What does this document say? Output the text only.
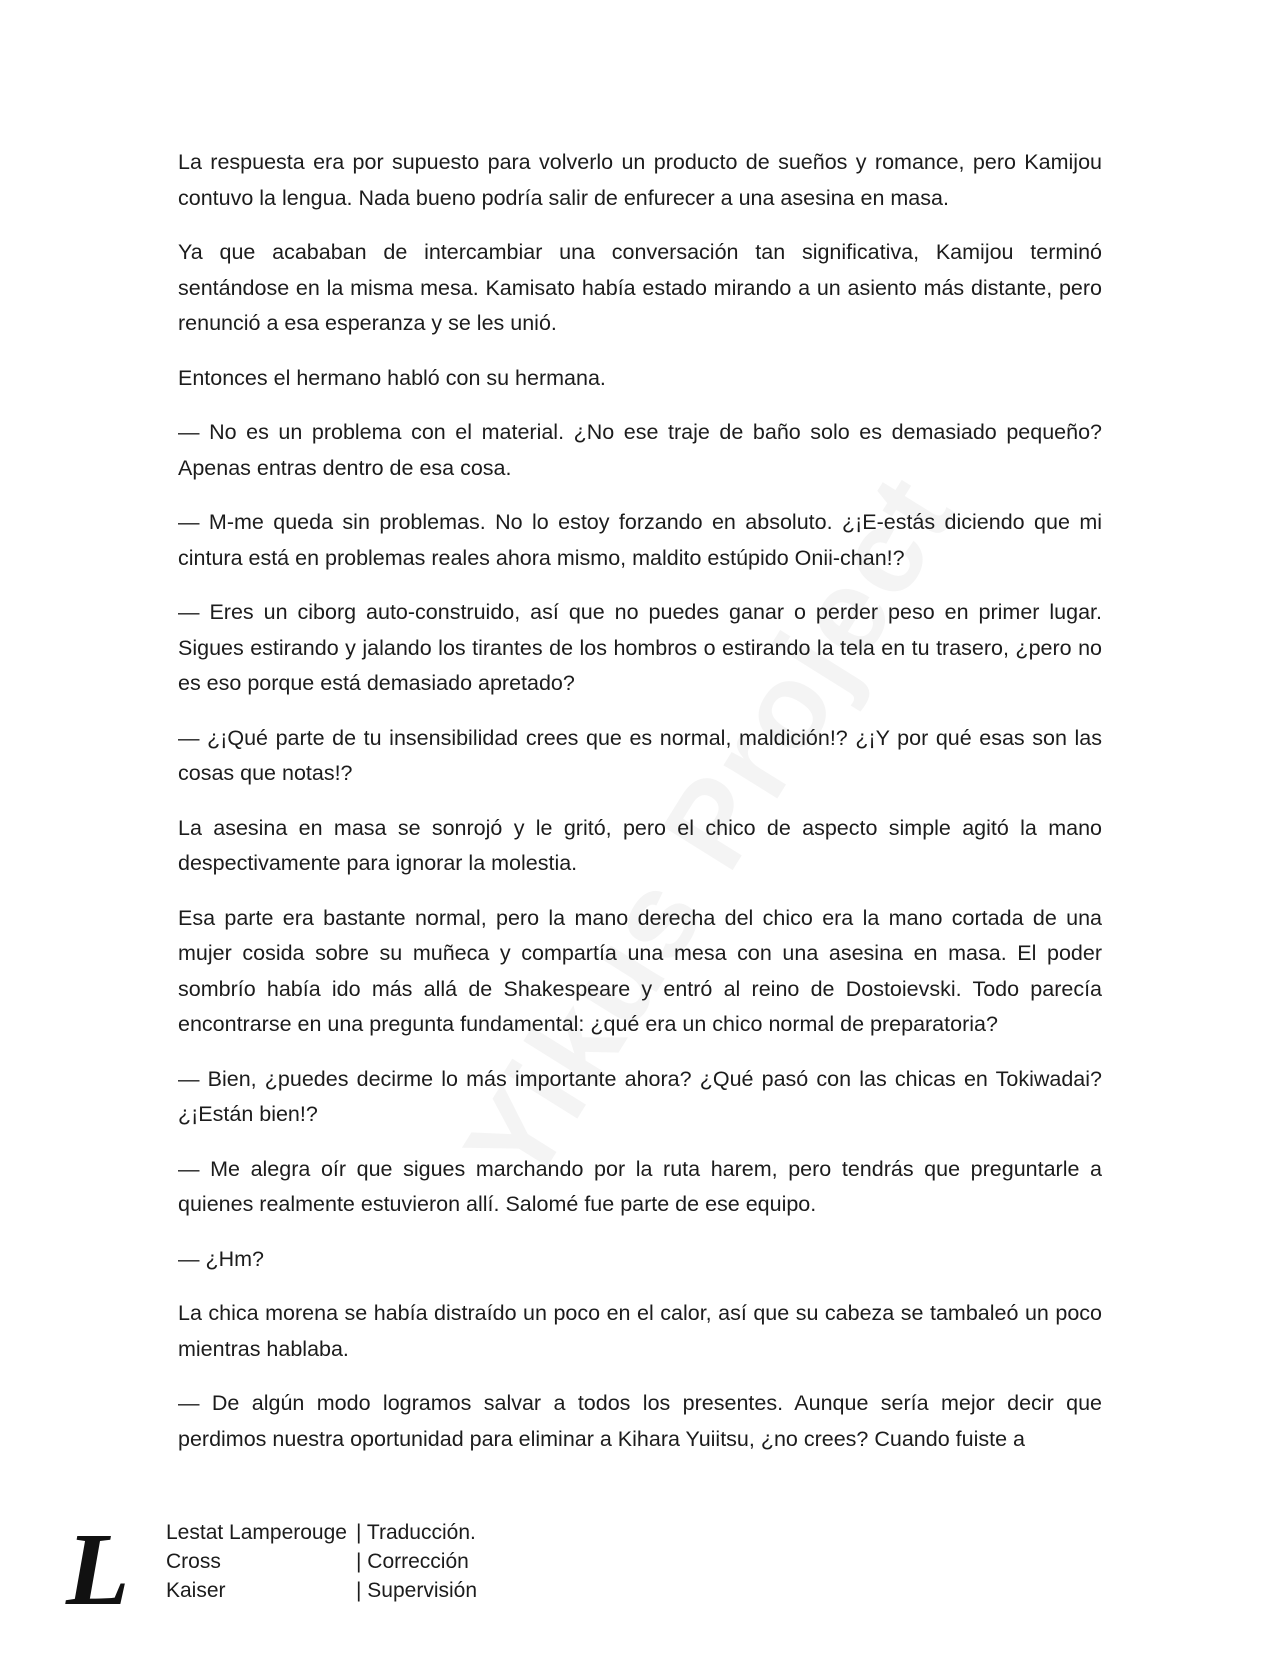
La respuesta era por supuesto para volverlo un producto de sueños y romance, pero Kamijou contuvo la lengua. Nada bueno podría salir de enfurecer a una asesina en masa.

Ya que acababan de intercambiar una conversación tan significativa, Kamijou terminó sentándose en la misma mesa. Kamisato había estado mirando a un asiento más distante, pero renunció a esa esperanza y se les unió.

Entonces el hermano habló con su hermana.

— No es un problema con el material. ¿No ese traje de baño solo es demasiado pequeño? Apenas entras dentro de esa cosa.

— M-me queda sin problemas. No lo estoy forzando en absoluto. ¿¡E-estás diciendo que mi cintura está en problemas reales ahora mismo, maldito estúpido Onii-chan!?

— Eres un ciborg auto-construido, así que no puedes ganar o perder peso en primer lugar. Sigues estirando y jalando los tirantes de los hombros o estirando la tela en tu trasero, ¿pero no es eso porque está demasiado apretado?

— ¿¡Qué parte de tu insensibilidad crees que es normal, maldición!? ¿¡Y por qué esas son las cosas que notas!?

La asesina en masa se sonrojó y le gritó, pero el chico de aspecto simple agitó la mano despectivamente para ignorar la molestia.

Esa parte era bastante normal, pero la mano derecha del chico era la mano cortada de una mujer cosida sobre su muñeca y compartía una mesa con una asesina en masa. El poder sombrío había ido más allá de Shakespeare y entró al reino de Dostoievski. Todo parecía encontrarse en una pregunta fundamental: ¿qué era un chico normal de preparatoria?

— Bien, ¿puedes decirme lo más importante ahora? ¿Qué pasó con las chicas en Tokiwadai? ¿¡Están bien!?

— Me alegra oír que sigues marchando por la ruta harem, pero tendrás que preguntarle a quienes realmente estuvieron allí. Salomé fue parte de ese equipo.

— ¿Hm?

La chica morena se había distraído un poco en el calor, así que su cabeza se tambaleó un poco mientras hablaba.

— De algún modo logramos salvar a todos los presentes. Aunque sería mejor decir que perdimos nuestra oportunidad para eliminar a Kihara Yuiitsu, ¿no crees? Cuando fuiste a

L Lestat Lamperouge	| Traducción.
Cross	| Corrección
Kaiser	| Supervisión
